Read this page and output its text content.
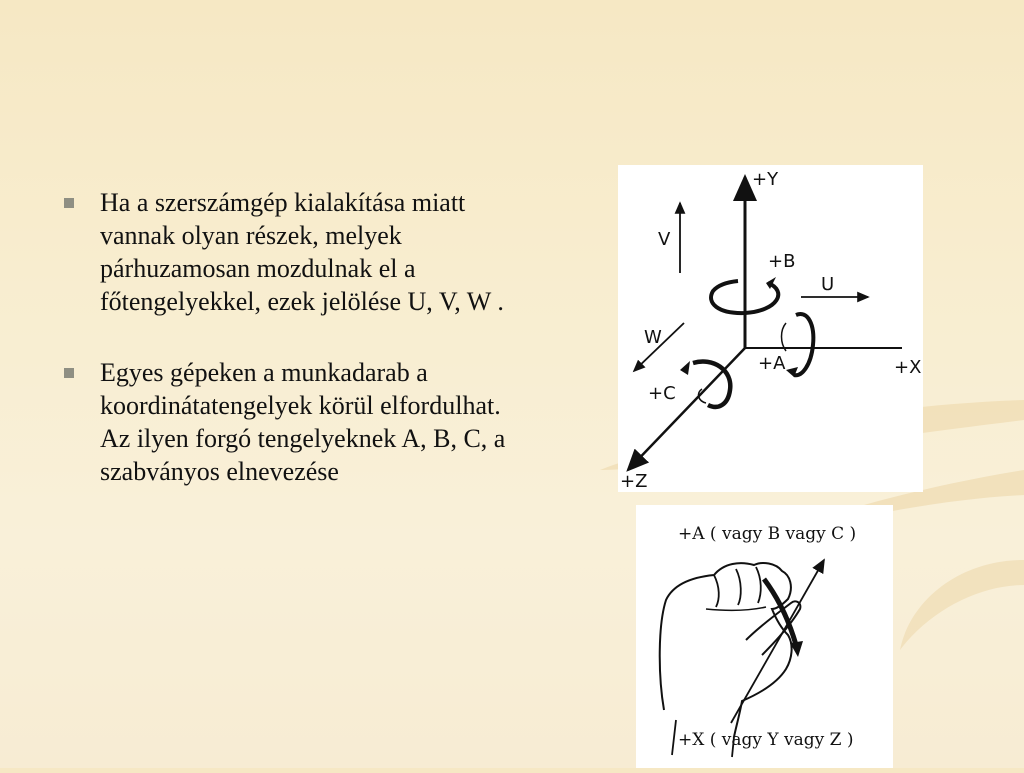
Ha a szerszámgép kialakítása miatt vannak olyan részek, melyek párhuzamosan mozdulnak el a főtengelyekkel, ezek jelölése U, V, W .
Egyes gépeken a munkadarab a koordinátatengelyek körül elfordulhat. Az ilyen forgó tengelyeknek A, B, C, a szabványos elnevezése
+Y
+X
+Z
+B
+A
+C
U
V
W
+A ( vagy B vagy C )
+X ( vagy Y vagy Z )
